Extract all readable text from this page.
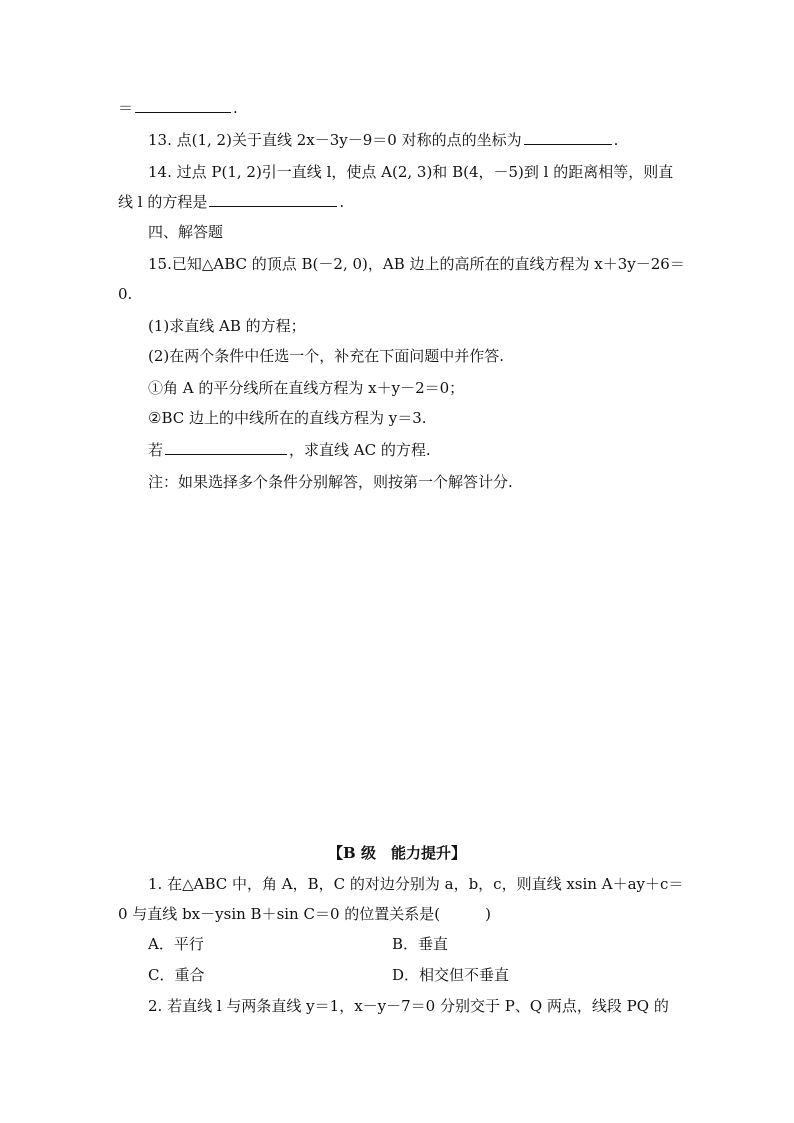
＝	.
13. 点(1, 2)关于直线 2x－3y－9＝0 对称的点的坐标为	.
14. 过点 P(1, 2)引一直线 l，使点 A(2, 3)和 B(4，－5)到 l 的距离相等，则直
线 l 的方程是	.
四、解答题
15.已知△ABC 的顶点 B(－2, 0)，AB 边上的高所在的直线方程为 x＋3y－26＝
0.
(1)求直线 AB 的方程；
(2)在两个条件中任选一个，补充在下面问题中并作答.
①角 A 的平分线所在直线方程为 x＋y－2＝0；
②BC 边上的中线所在的直线方程为 y＝3.
若	，求直线 AC 的方程.
注：如果选择多个条件分别解答，则按第一个解答计分.
【B 级　能力提升】
1. 在△ABC 中，角 A，B，C 的对边分别为 a，b，c，则直线 xsin A＋ay＋c＝
0 与直线 bx－ysin B＋sin C＝0 的位置关系是(　　　)
A．平行	B．垂直
C．重合	D．相交但不垂直
2. 若直线 l 与两条直线 y＝1，x－y－7＝0 分别交于 P、Q 两点，线段 PQ 的
